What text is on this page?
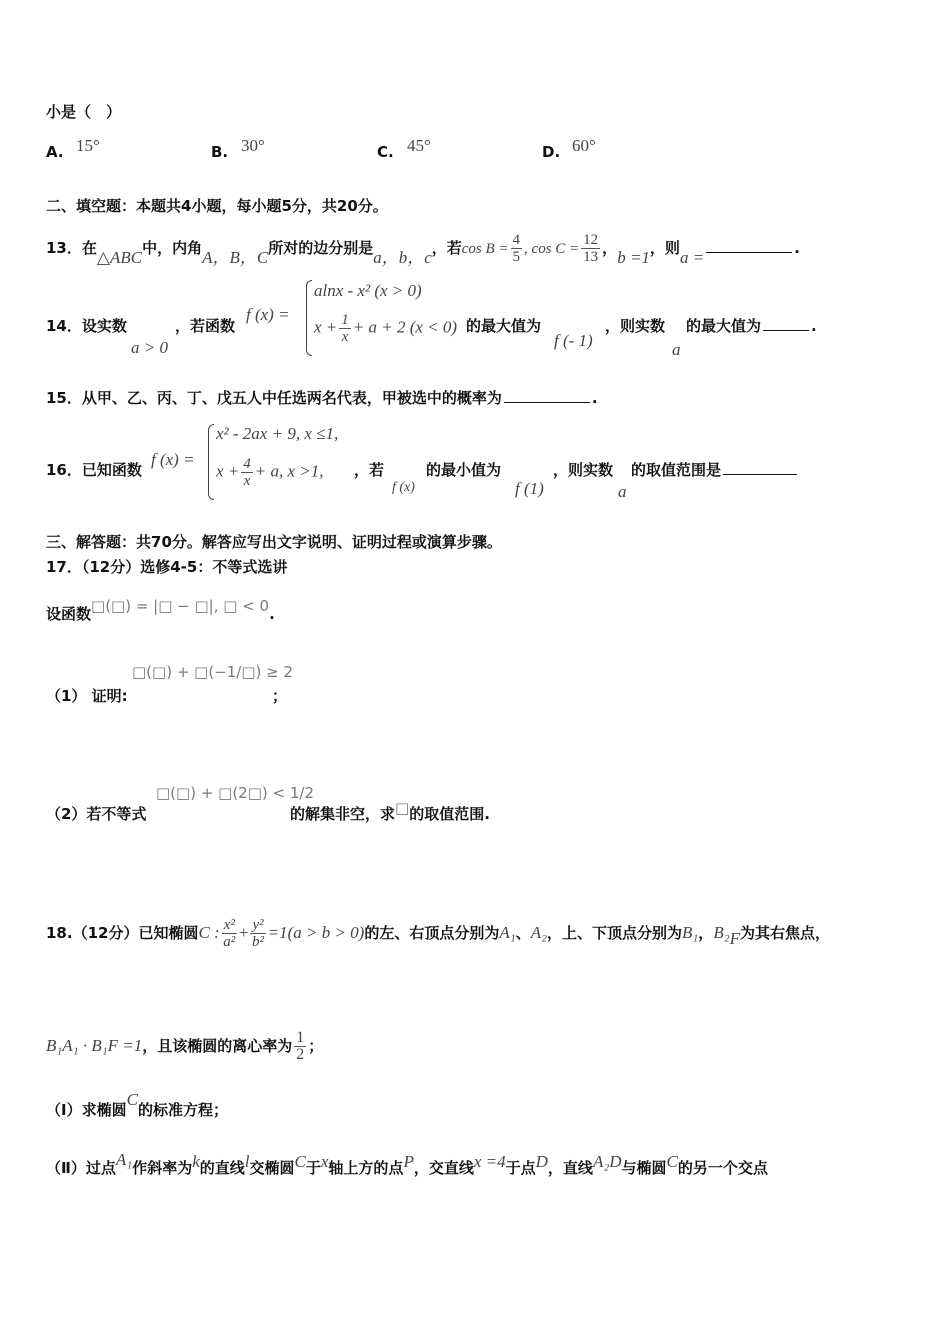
小是（　）
A. 15°	B. 30°	C. 45°	D. 60°
二、填空题：本题共4小题，每小题5分，共20分。
13．在△ABC中，内角A，B，C所对的边分别是a，b，c，若$\cos B = \frac{4}{5}$ , $\cos C = \frac{12}{13}$ ，b =1，则a =	.
14．设实数
a > 0
，若函数
f (x) =
alnx - x² (x > 0)
$x + \frac{1}{x} + a + 2$ (x < 0) 的最大值为
f (- 1)
，则实数
a
的最大值为	.
15．从甲、乙、丙、丁、戊五人中任选两名代表，甲被选中的概率为	.
16．已知函数
f (x) =
x² - 2ax + 9, x ≤1,
$x + \frac{4}{x} + a$, x >1, ，若
f (x)
的最小值为
f (1)
，则实数
a
的取值范围是
三、解答题：共70分。解答应写出文字说明、证明过程或演算步骤。
17．（12分）选修4-5：不等式选讲
设函数□(□) = |□ − □|, □ < 0.
（1） 证明:
□(□) + □(−1/□) ≥ 2
；
（2）若不等式
□(□) + □(2□) < 1/2
的解集非空，求□的取值范围.
18.（12分）已知椭圆C : $\frac{\text{x²}}{\text{a²}} + \frac{\text{y²}}{\text{b²}} =1(a > b > 0)$的左、右顶点分别为A₁、A₂，上、下顶点分别为B₁，B₂F为其右焦点，
B₁A₁ · B₁F =1，且该椭圆的离心率为 $\frac{1}{2}$ ；
（Ⅰ）求椭圆C的标准方程；
（Ⅱ）过点A₁作斜率为k的直线l交椭圆C于x轴上方的点P，交直线x =4于点D，直线A₂D与椭圆C的另一个交点
